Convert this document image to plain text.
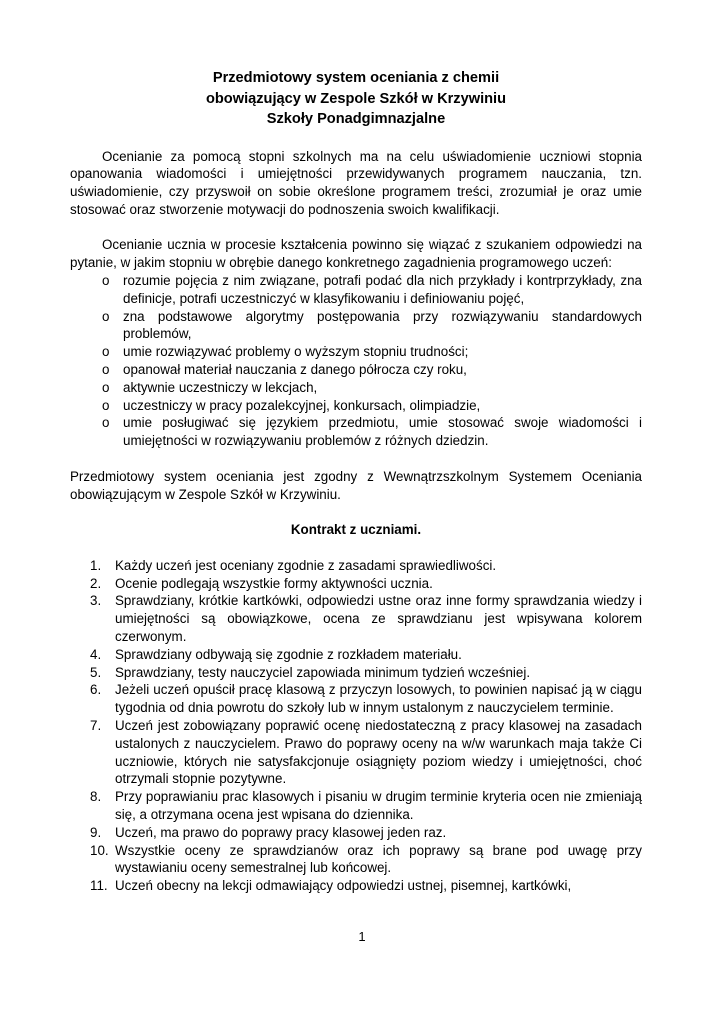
Przedmiotowy system oceniania z chemii
obowiązujący w Zespole Szkół w Krzywiniu
Szkoły Ponadgimnazjalne

Ocenianie za pomocą stopni szkolnych ma na celu uświadomienie uczniowi stopnia opanowania wiadomości i umiejętności przewidywanych programem nauczania, tzn. uświadomienie, czy przyswoił on sobie określone programem treści, zrozumiał je oraz umie stosować oraz stworzenie motywacji do podnoszenia swoich kwalifikacji.

Ocenianie ucznia w procesie kształcenia powinno się wiązać z szukaniem odpowiedzi na pytanie, w jakim stopniu w obrębie danego konkretnego zagadnienia programowego uczeń:

o rozumie pojęcia z nim związane, potrafi podać dla nich przykłady i kontrprzykłady, zna definicje, potrafi uczestniczyć w klasyfikowaniu i definiowaniu pojęć,
o zna podstawowe algorytmy postępowania przy rozwiązywaniu standardowych problemów,
o umie rozwiązywać problemy o wyższym stopniu trudności;
o opanował materiał nauczania z danego półrocza czy roku,
o aktywnie uczestniczy w lekcjach,
o uczestniczy w pracy pozalekcyjnej, konkursach, olimpiadzie,
o umie posługiwać się językiem przedmiotu, umie stosować swoje wiadomości i umiejętności w rozwiązywaniu problemów z różnych dziedzin.

Przedmiotowy system oceniania jest zgodny z Wewnątrzszkolnym Systemem Oceniania obowiązującym w Zespole Szkół w Krzywiniu.

Kontrakt z uczniami.

1. Każdy uczeń jest oceniany zgodnie z zasadami sprawiedliwości.
2. Ocenie podlegają wszystkie formy aktywności ucznia.
3. Sprawdziany, krótkie kartkówki, odpowiedzi ustne oraz inne formy sprawdzania wiedzy i umiejętności są obowiązkowe, ocena ze sprawdzianu jest wpisywana kolorem czerwonym.
4. Sprawdziany odbywają się zgodnie z rozkładem materiału.
5. Sprawdziany, testy nauczyciel zapowiada minimum tydzień wcześniej.
6. Jeżeli uczeń opuścił pracę klasową z przyczyn losowych, to powinien napisać ją w ciągu tygodnia od dnia powrotu do szkoły lub w innym ustalonym z nauczycielem terminie.
7. Uczeń jest zobowiązany poprawić ocenę niedostateczną z pracy klasowej na zasadach ustalonych z nauczycielem. Prawo do poprawy oceny na w/w warunkach maja także Ci uczniowie, których nie satysfakcjonuje osiągnięty poziom wiedzy i umiejętności, choć otrzymali stopnie pozytywne.
8. Przy poprawianiu prac klasowych i pisaniu w drugim terminie kryteria ocen nie zmieniają się, a otrzymana ocena jest wpisana do dziennika.
9. Uczeń, ma prawo do poprawy pracy klasowej jeden raz.
10. Wszystkie oceny ze sprawdzianów oraz ich poprawy są brane pod uwagę przy wystawianiu oceny semestralnej lub końcowej.
11. Uczeń obecny na lekcji odmawiający odpowiedzi ustnej, pisemnej, kartkówki,
1
